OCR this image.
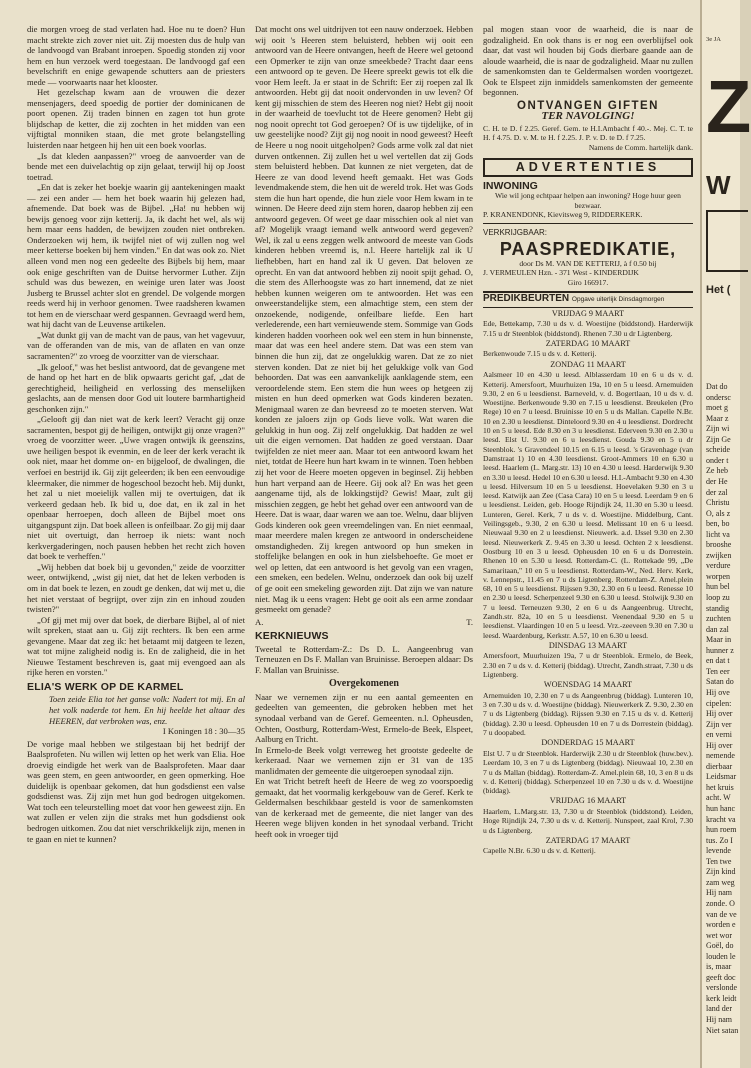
die morgen vroeg de stad verlaten had. Hoe nu te doen? Hun macht strekte zich zover niet uit. Zij moesten dus de hulp van de landvoogd van Brabant inroepen. Spoedig stonden zij voor hem en hun verzoek werd toegestaan. De landvoogd gaf een bevelschrift en enige gewapende schutters aan de priesters mede — voorwaarts naar het klooster.

Het gezelschap kwam aan de vrouwen die dezer mensenjagers, deed spoedig de portier der dominicanen de poort openen. Zij traden binnen en zagen tot hun grote blijdschap de ketter, die zij zochten in het midden van een vijftigtal monniken staan, die met grote belangstelling luisterden naar hetgeen hij hen uit een boek voorlas.

„Is dat kleden aanpassen?" vroeg de aanvoerder van de bende met een duivelachtig op zijn gelaat, terwijl hij op Joost toetrad.

„En dat is zeker het boekje waarin gij aantekeningen maakt — zei een ander — hem het boek waarin hij gelezen had, afnemende. Dat boek was de Bijbel. „Ha! nu hebben wij bewijs genoeg voor zijn ketterij. Ja, ik dacht het wel, als wij hem maar eens hadden, de bewijzen zouden niet ontbreken. Onderzoeken wij hem, ik twijfel niet of wij zullen nog wel meer ketterse boeken bij hem vinden." En dat was ook zo. Niet alleen vond men nog een gedeelte des Bijbels bij hem, maar ook enige geschriften van de Duitse hervormer Luther. Zijn schuld was dus bewezen, en weinige uren later was Joost Jusberg te Brussel achter slot en grendel. De volgende morgen reeds werd hij in verhoor genomen. Twee raadsheren kwamen tot hem en de vierschaar werd gespannen. Gevraagd werd hem, wat hij dacht van de Leuvense artikelen.

„Wat dunkt gij van de macht van de paus, van het vagevuur, van de offeranden van de mis, van de aflaten en van onze sacramenten?" zo vroeg de voorzitter van de vierschaar.

„Ik geloof," was het beslist antwoord, dat de gevangene met de hand op het hart en de blik opwaarts gericht gaf, „dat de gerechtigheid, heiligheid en verlossing des menselijken geslachts, aan de mensen door God uit loutere barmhartigheid geschonken zijn."

„Gelooft gij dan niet wat de kerk leert? Veracht gij onze sacramenten, bespot gij de heiligen, ontwijkt gij onze vragen?" vroeg de voorzitter weer. „Uwe vragen ontwijk ik geenszins, uwe heiligen bespot ik evenmin, en de leer der kerk veracht ik ook niet, maar het domme on- en bijgeloof, de dwalingen, die verfoei en bestrijd ik. Gij zijt geleerden; ik ben een eenvoudige kleermaker, die nimmer de hogeschool bezocht heb. Mij dunkt, het zal u niet moeielijk vallen mij te overtuigen, dat ik verkeerd gedaan heb. Ik bid u, doe dat, en ik zal in het openbaar herroepen, doch alleen de Bijbel moet ons uitgangspunt zijn. Dat boek alleen is onfeilbaar. Zo gij mij daar niet uit overtuigt, dan herroep ik niets: want noch kerkvergaderingen, noch pausen hebben het recht zich hoven dat boek te verheffen."

„Wij hebben dat boek bij u gevonden," zeide de voorzitter weer, ontwijkend, „wist gij niet, dat het de leken verboden is om in dat boek te lezen, en zoudt ge denken, dat wij met u, die het niet verstaat of begrijpt, over zijn zin en inhoud zouden twisten?"

„Of gij met mij over dat boek, de dierbare Bijbel, al of niet wilt spreken, staat aan u. Gij zijt rechters. Ik ben een arme gevangene. Maar dat zeg ik: het betaamt mij datgeen te lezen, wat tot mijne zaligheid nodig is. En de zaligheid, die in het Nieuwe Testament beschreven is, gaat mij evengoed aan als rijke heren en vorsten."

ELIA'S WERK OP DE KARMEL

Toen zeide Elia tot het ganse volk: Nadert tot mij. En al het volk naderde tot hem. En hij heelde het altaar des HEEREN, dat verbroken was, enz.

I Koningen 18 : 30—35

De vorige maal hebben we stilgestaan bij het bedrijf der Baalsprofeten. Nu willen wij letten op het werk van Elia. Hoe droevig eindigde het werk van de Baalsprofeten. Maar daar was geen stem, en geen antwoorder, en geen opmerking. Hoe duidelijk is openbaar gekomen, dat hun godsdienst een valse godsdienst was. Zij zijn met hun god bedrogen uitgekomen. Wat toch een teleurstelling moet dat voor hen geweest zijn. En wat zullen er velen zijn die straks met hun godsdienst ook bedrogen uitkomen. Zou dat niet verschrikkelijk zijn, menen in te gaan en niet te kunnen?

Dat mocht ons wel uitdrijven tot een nauw onderzoek. Hebben wij ooit 's Heeren stem beluisterd, hebben wij ooit een antwoord van de Heere ontvangen, heeft de Heere wel getoond een Opmerker te zijn van onze smeekbede? Tracht daar eens een antwoord op te geven. De Heere spreekt gewis tot elk die voor Hem leeft. Ja er staat in de Schrift: Eer zij roepen zal Ik antwoorden. Hebt gij dat nooit ondervonden in uw leven? Of kent gij misschien de stem des Heeren nog niet? Hebt gij nooit in der waarheid de toevlucht tot de Heere genomen? Hebt gij nog nooit oprecht tot God geroepen? Of is uw tijdelijke, of in uw geestelijke nood? Zijt gij nog nooit in nood geweest? Heeft de Heere u nog nooit uitgeholpen? Gods arme volk zal dat niet durven ontkennen. Zij zullen het u wel vertellen dat zij Gods stem beluisterd hebben. Dat kunnen ze niet vergeten, dat de Heere ze van dood levend heeft gemaakt. Het was Gods levendmakende stem, die hen uit de wereld trok. Het was Gods stem die hun hart opende, die hun ziele voor Hem kwam in te winnen. De Heere deed zijn stem horen, daarop hebben zij een antwoord gegeven. Of weet ge daar misschien ook al niet van af? Mogelijk vraagt iemand welk antwoord werd gegeven? Wel, ik zal u eens zeggen welk antwoord de meeste van Gods kinderen hebben vreemd is, n.l. Heere hartelijk zal ik U liefhebben, hart en hand zal ik U geven. Dat beloven ze oprecht. En van dat antwoord hebben zij nooit spijt gehad. O, die stem des Allerhoogste was zo hart innemend, dat ze niet hebben kunnen weigeren om te antwoorden. Het was een onweerstandelijke stem, een almachtige stem, een stem der onzoekende, nodigende, onfeilbare liefde. Een hart verlederende, een hart vernieuwende stem. Sommige van Gods kinderen hadden voorheen ook wel een stem in hun binnenste, maar dat was een heel andere stem. Dat was een stem van binnen die hun zij, dat ze ongelukkig waren. Dat ze zo niet sterven konden. Dat ze niet bij het gelukkige volk van God behoorden. Dat was een aanvankelijk aanklagende stem, een veroordelende stem. Een stem die hun wees op hetgeen zij misten en hun deed opmerken wat Gods kinderen bezaten. Menigmaal waren ze dan bevreesd zo te moeten sterven. Wat konden ze jaloers zijn op Gods lieve volk. Wat waren die gelukkig in hun oog. Zij zelf ongelukkig. Dat hadden ze wel uit die eigen vernomen. Dat hadden ze goed verstaan. Daar twijfelden ze niet meer aan. Maar tot een antwoord kwam het niet, totdat de Heere hun hart kwam in te winnen. Toen hebben zij het voor de Heere moeten opgeven in beginsel. Zij hebben hun hart verpand aan de Heere. Gij ook al? En was het geen aangename tijd, als de lokkingstijd? Gewis! Maar, zult gij misschien zeggen, ge hebt het gehad over een antwoord van de Heere. Dat is waar, daar waren we aan toe. Welnu, daar blijven Gods kinderen ook geen vreemdelingen van. En niet eenmaal, maar meerdere malen kregen ze antwoord in onderscheidene omstandigheden. Zij kregen antwoord op hun smeken in stoffelijke belangen en ook in hun zielsbehoefte. Ge moet er wel op letten, dat een antwoord is het gevolg van een vragen, een smeken, een bedelen. Welnu, onderzoek dan ook bij uzelf of ge ooit een smekeling geworden zijt. Dat zijn we van nature niet. Mag ik u eens vragen: Hebt ge ooit als een arme zondaar gesmeekt om genade?

A.	T.
KERKNIEUWS

Tweetal te Rotterdam-Z.: Ds D. L. Aangeenbrug van Terneuzen en Ds F. Mallan van Bruinisse. Beroepen aldaar: Ds F. Mallan van Bruinisse.

Overgekomenen

Naar we vernemen zijn er nu een aantal gemeenten en gedeelten van gemeenten, die gebroken hebben met het synodaal verband van de Geref. Gemeenten. n.l. Opheusden, Ochten, Oostburg, Rotterdam-West, Ermelo-de Beek, Elspeet, Aalburg en Tricht.

In Ermelo-de Beek volgt verreweg het grootste gedeelte de kerkeraad. Naar we vernemen zijn er 31 van de 135 manlidmaten der gemeente die uitgeroepen synodaal zijn.

En wat Tricht betreft heeft de Heere de weg zo voorspoedig gemaakt, dat het voormalig kerkgebouw van de Geref. Kerk te Geldermalsen beschikbaar gesteld is voor de samenkomsten van de kerkeraad met de gemeente, die niet langer van des Heeren wege blijven konden in het synodaal verband. Tricht heeft ook in vroeger tijd

pal mogen staan voor de waarheid, die is naar de godzaligheid. En ook thans is er nog een overblijfsel ook daar, dat vast wil houden bij Gods dierbare gaande aan de aloude waarheid, die is naar de godzaligheid. Maar nu zullen de samenkomsten dan te Geldermalsen worden voortgezet. Ook te Elspeet zijn inmiddels samenkomsten der gemeente begonnen.

ONTVANGEN GIFTEN
TER NAVOLGING!

C. H. te D. f 2.25. Geref. Gem. te H.I.Ambacht f 40.-. Mej. C. T. te H. f 4.75. D. v. M. te H. f 2.25. J. P. v. D. te D. f 7.25.

Namens de Comm. hartelijk dank.

ADVERTENTIES
INWONING

Wie wil jong echtpaar helpen aan inwoning? Hoge huur geen bezwaar.

P. KRANENDONK, Kievitsweg 9, RIDDERKERK.

VERKRIJGBAAR:
PAASPREDIKATIE,

door Ds M. VAN DE KETTERIJ, à f 0.50 bij

J. VERMEULEN Hzn. - 371 West - KINDERDIJK

Giro 166917.

PREDIKBEURTEN Opgave uiterlijk Dinsdagmorgen
VRIJDAG 9 MAART

Ede, Bettekamp, 7.30 u ds v. d. Woestijne (biddstond). Harderwijk 7.15 u dr Steenblok (biddstond). Rhenen 7.30 u dr Ligtenberg.

ZATERDAG 10 MAART

Berkenwoude 7.15 u ds v. d. Ketterij.

ZONDAG 11 MAART

Aalsmeer 10 en 4.30 u leesd. Alblasserdam 10 en 6 u ds v. d. Ketterij. Amersfoort, Muurhuizen 19a, 10 en 5 u leesd. Arnemuiden 9.30, 2 en 6 u leesdienst. Barneveld, v. d. Bogertlaan, 10 u ds v. d. Woestijne. Berkenwoude 9.30 en 7.15 u leesdienst. Breukelen (Pro Rege) 10 en 7 u leesd. Bruinisse 10 en 5 u ds Mallan. Capelle N.Br. 10 en 2.30 u leesdienst. Dinteloord 9.30 en 4 u leesdienst. Dordrecht 10 en 5 u leesd. Ede 8.30 en 3 u leesdienst. Ederveen 9.30 en 2.30 u leesd. Elst U. 9.30 en 6 u leesdienst. Gouda 9.30 en 5 u dr Steenblok. 's Gravendeel 10.15 en 6.15 u leesd. 's Gravenhage (van Damstraat 1) 10 en 4.30 leesdienst. Groot-Ammers 10 en 6.30 u leesd. Haarlem (L. Marg.str. 13) 10 en 4.30 u leesd. Harderwijk 9.30 en 3.30 u leesd. Hedel 10 en 6.30 u leesd. H.I.-Ambacht 9.30 en 4.30 u leesd. Hilversum 10 en 5 u leesdienst. Hoevelaken 9.30 en 3 u leesd. Katwijk aan Zee (Casa Cara) 10 en 5 u leesd. Leerdam 9 en 6 u leesdienst. Leiden, geb. Hooge Rijndijk 24, 11.30 en 5.30 u leesd. Lunteren, Gerel. Kerk, 7 u ds v. d. Woestijne. Middelburg, Cant. Veilingsgeb., 9.30, 2 en 6.30 u leesd. Melissant 10 en 6 u leesd. Nieuwaal 9.30 en 2 u leesdienst. Nieuwerk. a.d. IJssel 9.30 en 2.30 leesd. Nieuwerkerk Z. 9.45 en 3.30 u leesd. Ochten 2 x leesdienst. Oostburg 10 en 3 u leesd. Opheusden 10 en 6 u ds Dorrestein. Rhenen 10 en 5.30 u leesd. Rotterdam-C. (L. Rottekade 99, „De Samaritaan," 10 en 5 u leesdienst. Rotterdam-W., Ned. Herv. Kerk, v. Lennepstr., 11.45 en 7 u ds Ligtenberg. Rotterdam-Z. Amel.plein 68, 10 en 5 u leesdienst. Rijssen 9.30, 2.30 en 6 u leesd. Renesse 10 en 2.30 u leesd. Scherpenzeel 9.30 en 6.30 u leesd. Stolwijk 9.30 en 7 u leesd. Terneuzen 9.30, 2 en 6 u ds Aangeenbrug. Utrecht, Zandh.str. 82a, 10 en 5 u leesdienst. Veenendaal 9.30 en 5 u leesdienst. Vlaardingen 10 en 5 u leesd. Vrz.-zeeveen 9.30 en 7.30 u leesd. Waardenburg, Kerkstr. A.57, 10 en 6.30 u leesd.

DINSDAG 13 MAART

Amersfoort, Muurhuizen 19a, 7 u dr Steenblok. Ermelo, de Beek, 2.30 en 7 u ds v. d. Ketterij (biddag). Utrecht, Zandh.straat, 7.30 u ds Ligtenberg.

WOENSDAG 14 MAART

Arnemuiden 10, 2.30 en 7 u ds Aangeenbrug (biddag). Lunteren 10, 3 en 7.30 u ds v. d. Woestijne (biddag). Nieuwerkerk Z. 9.30, 2.30 en 7 u ds Ligtenberg (biddag). Rijssen 9.30 en 7.15 u ds v. d. Ketterij (biddag). 2.30 u leesd. Opheusden 10 en 7 u ds Dorrestein (biddag). 7 u doopabed.

DONDERDAG 15 MAART

Elst U. 7 u dr Steenblok. Harderwijk 2.30 u dr Steenblok (huw.bev.). Leerdam 10, 3 en 7 u ds Ligtenberg (biddag). Nieuwaal 10, 2.30 en 7 u ds Mallan (biddag). Rotterdam-Z. Amel.plein 68, 10, 3 en 8 u ds v. d. Ketterij (biddag). Scherpenzeel 10 en 7.30 u ds v. d. Woestijne (biddag).

VRIJDAG 16 MAART

Haarlem, L.Marg.str. 13, 7.30 u dr Steenblok (biddstond). Leiden, Hoge Rijndijk 24, 7.30 u ds v. d. Ketterij. Nunspeet, zaal Krol, 7.30 u ds Ligtenberg.

ZATERDAG 17 MAART

Capelle N.Br. 6.30 u ds v. d. Ketterij.

3e JA
Z
W
Het (
Dat do
ondersc
moet g
Maar z
Zijn wi
Zijn Ge
scheide
onder t
Ze heb
der He
der zal
Christu
O, als z
ben, bo
licht va
brooshe
zwijken
verdure
worpen
hun bel
loop zu
standig
zuchten
dan zal
Maar in
hunner z
en dat t
Ten eer
Satan do
Hij ove
cipelen:
Hij over
Zijn ver
en verni
Hij over
nemende
dierbaar
Leidsmar
het kruis
acht. W
hun hanc
kracht va
hun roem
tus. Zo I
levende
Ten twe
Zijn kind
zam weg
Hij nam
zonde. O
van de ve
worden e
wet wor
Goël, do
louden le
is, maar
geeft doc
verslonde
kerk leidt
land der
Hij nam
Niet satan
